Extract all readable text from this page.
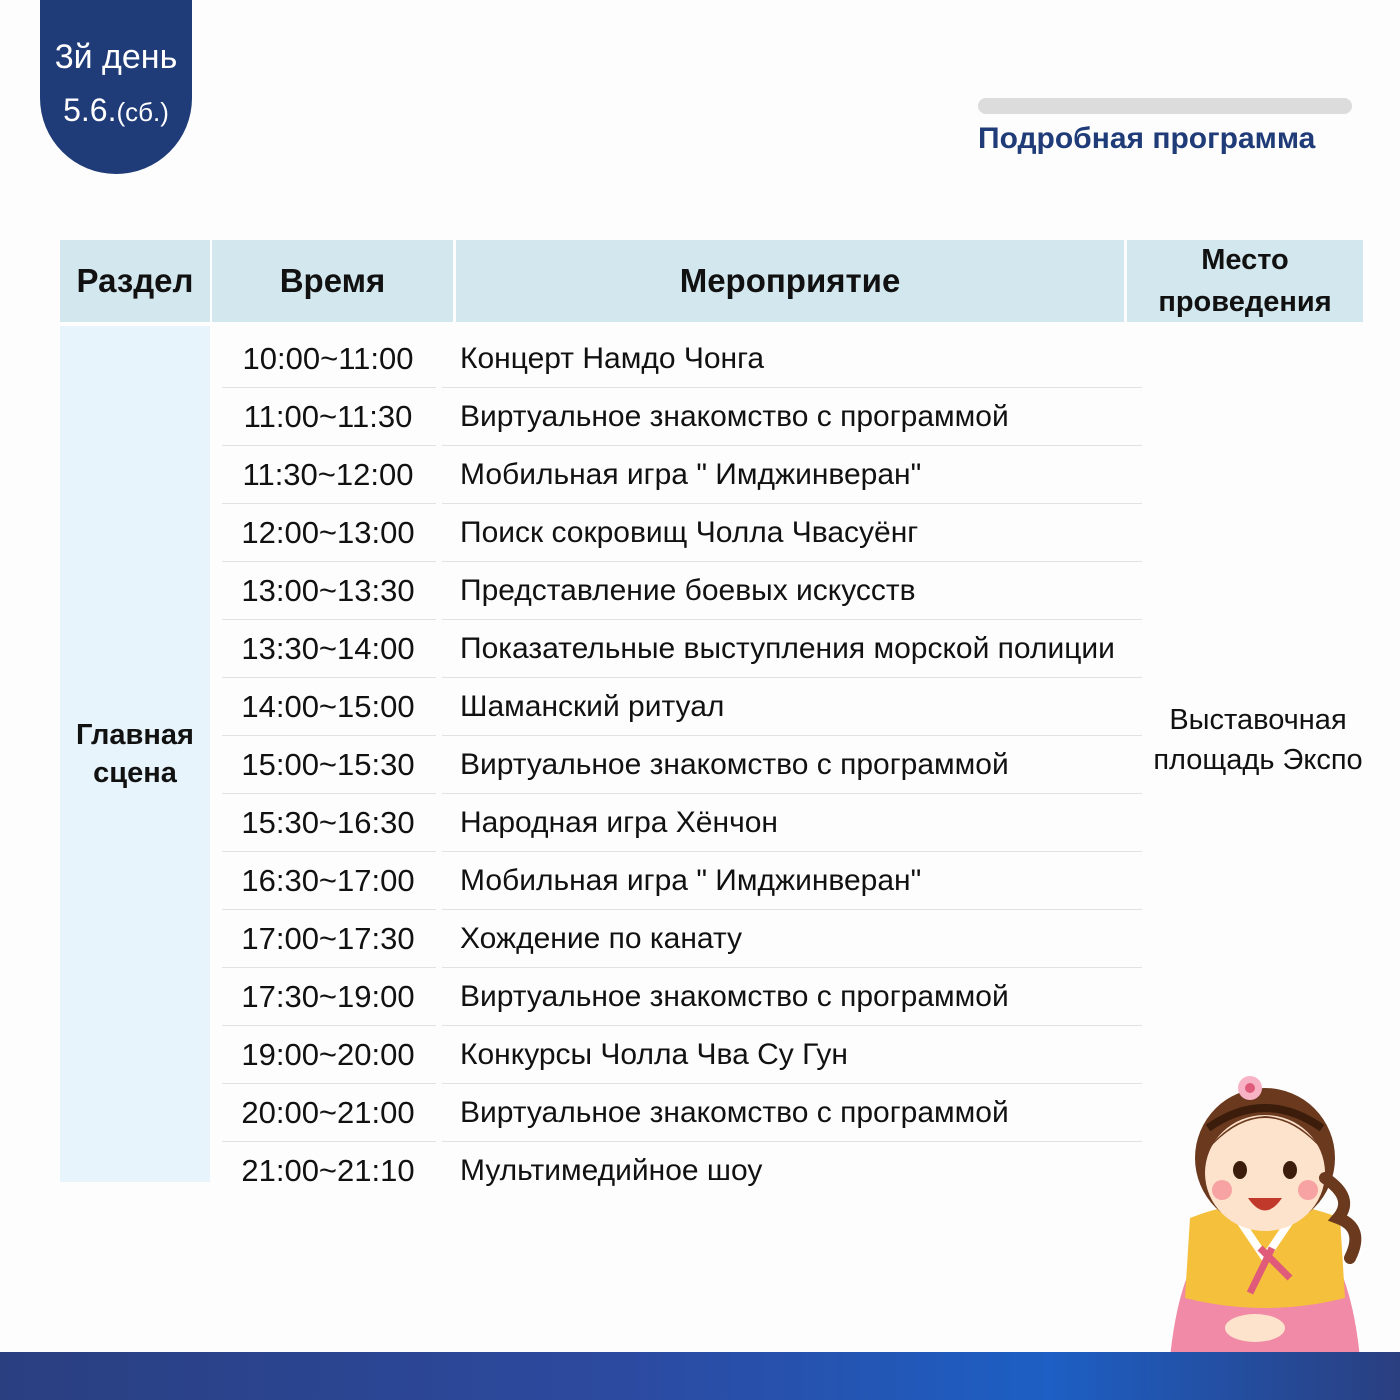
3й день
5.6.(сб.)
Подробная программа
Раздел	Время	Мероприятие
Место
проведения
Главная
сцена
10:00~11:00	Концерт Намдо Чонга
11:00~11:30	Виртуальное знакомство с программой
11:30~12:00	Мобильная игра " Имджинверан"
12:00~13:00	Поиск сокровищ Чолла Чвасуёнг
13:00~13:30	Представление боевых искусств
13:30~14:00	Показательные выступления морской полиции
14:00~15:00	Шаманский ритуал
15:00~15:30	Виртуальное знакомство с программой
15:30~16:30	Народная игра Хёнчон
16:30~17:00	Мобильная игра " Имджинверан"
17:00~17:30	Хождение по канату
17:30~19:00	Виртуальное знакомство с программой
19:00~20:00	Конкурсы Чолла Чва Су Гун
20:00~21:00	Виртуальное знакомство с программой
21:00~21:10	Мультимедийное шоу
Выставочная
площадь Экспо
